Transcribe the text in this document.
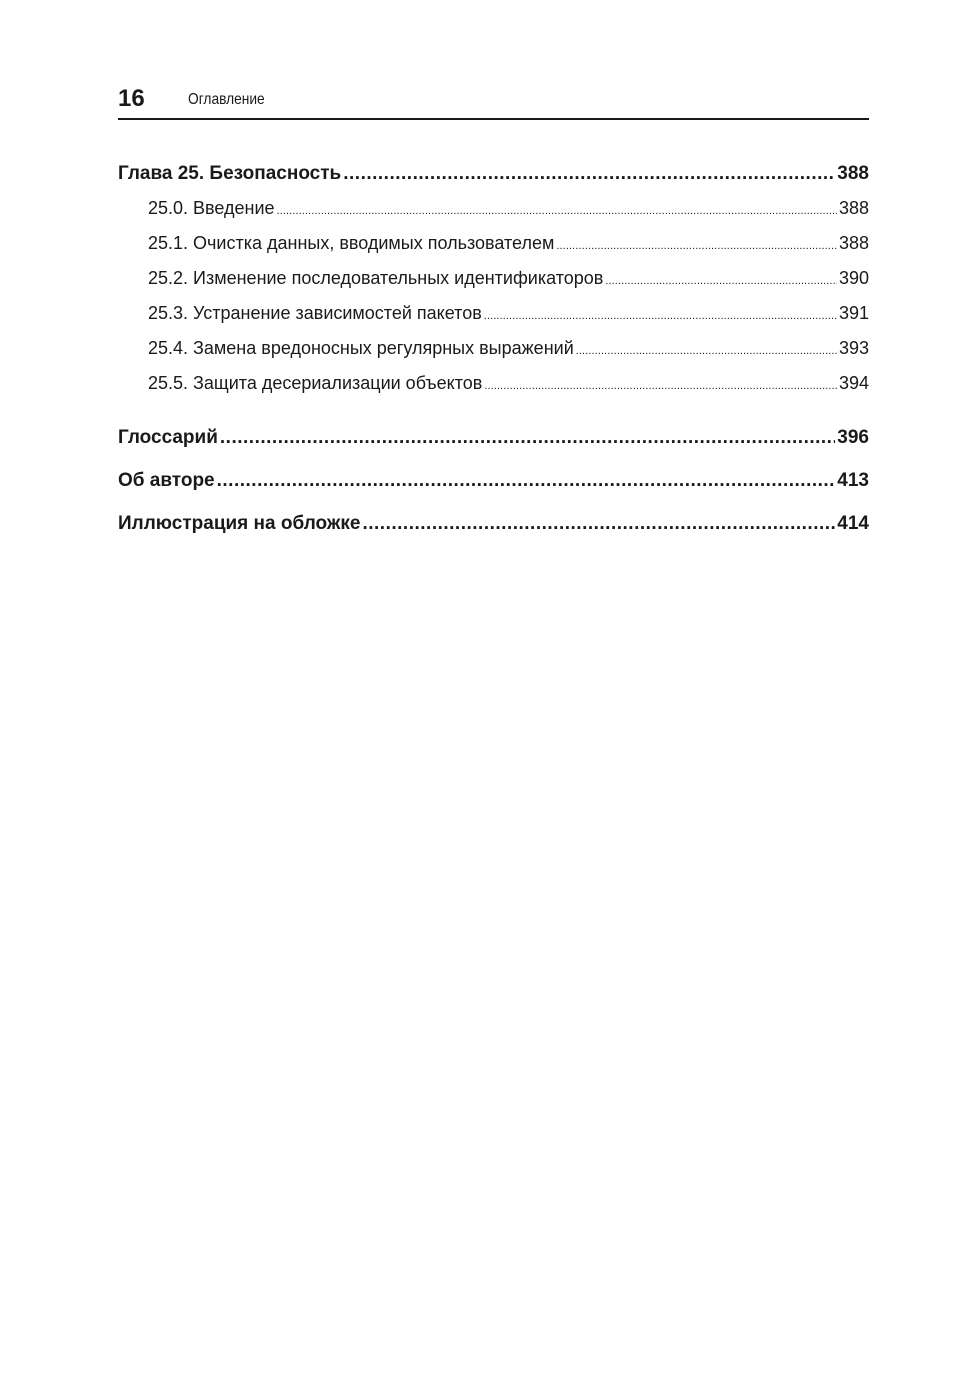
16	Оглавление
Глава 25. Безопасность .....	388
25.0. Введение .....	388
25.1. Очистка данных, вводимых пользователем .....	388
25.2. Изменение последовательных идентификаторов .....	390
25.3. Устранение зависимостей пакетов .....	391
25.4. Замена вредоносных регулярных выражений .....	393
25.5. Защита десериализации объектов .....	394
Глоссарий .....	396
Об авторе .....	413
Иллюстрация на обложке .....	414
